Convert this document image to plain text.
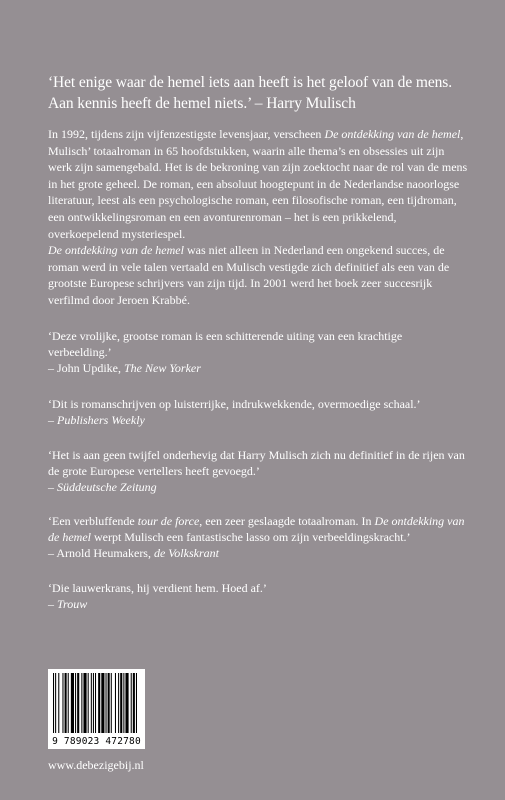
‘Het enige waar de hemel iets aan heeft is het geloof van de mens.
Aan kennis heeft de hemel niets.’ – Harry Mulisch

In 1992, tijdens zijn vijfenzestigste levensjaar, verscheen De ontdekking van de hemel, Mulisch’ totaalroman in 65 hoofdstukken, waarin alle thema’s en obsessies uit zijn werk zijn samengebald. Het is de bekroning van zijn zoektocht naar de rol van de mens in het grote geheel. De roman, een absoluut hoogtepunt in de Nederlandse naoorlogse literatuur, leest als een psychologische roman, een filosofische roman, een tijdroman, een ontwikkelingsroman en een avonturenroman – het is een prikkelend, overkoepelend mysteriespel.

De ontdekking van de hemel was niet alleen in Nederland een ongekend succes, de roman werd in vele talen vertaald en Mulisch vestigde zich definitief als een van de grootste Europese schrijvers van zijn tijd. In 2001 werd het boek zeer succesrijk verfilmd door Jeroen Krabbé.

‘Deze vrolijke, grootse roman is een schitterende uiting van een krachtige verbeelding.’

– John Updike, The New Yorker

‘Dit is romanschrijven op luisterrijke, indrukwekkende, overmoedige schaal.’

– Publishers Weekly

‘Het is aan geen twijfel onderhevig dat Harry Mulisch zich nu definitief in de rijen van de grote Europese vertellers heeft gevoegd.’

– Süddeutsche Zeitung

‘Een verbluffende tour de force, een zeer geslaagde totaalroman. In De ontdekking van de hemel werpt Mulisch een fantastische lasso om zijn verbeeldingskracht.’

– Arnold Heumakers, de Volkskrant

‘Die lauwerkrans, hij verdient hem. Hoed af.’

– Trouw

9 789023 472780
www.debezigebij.nl
